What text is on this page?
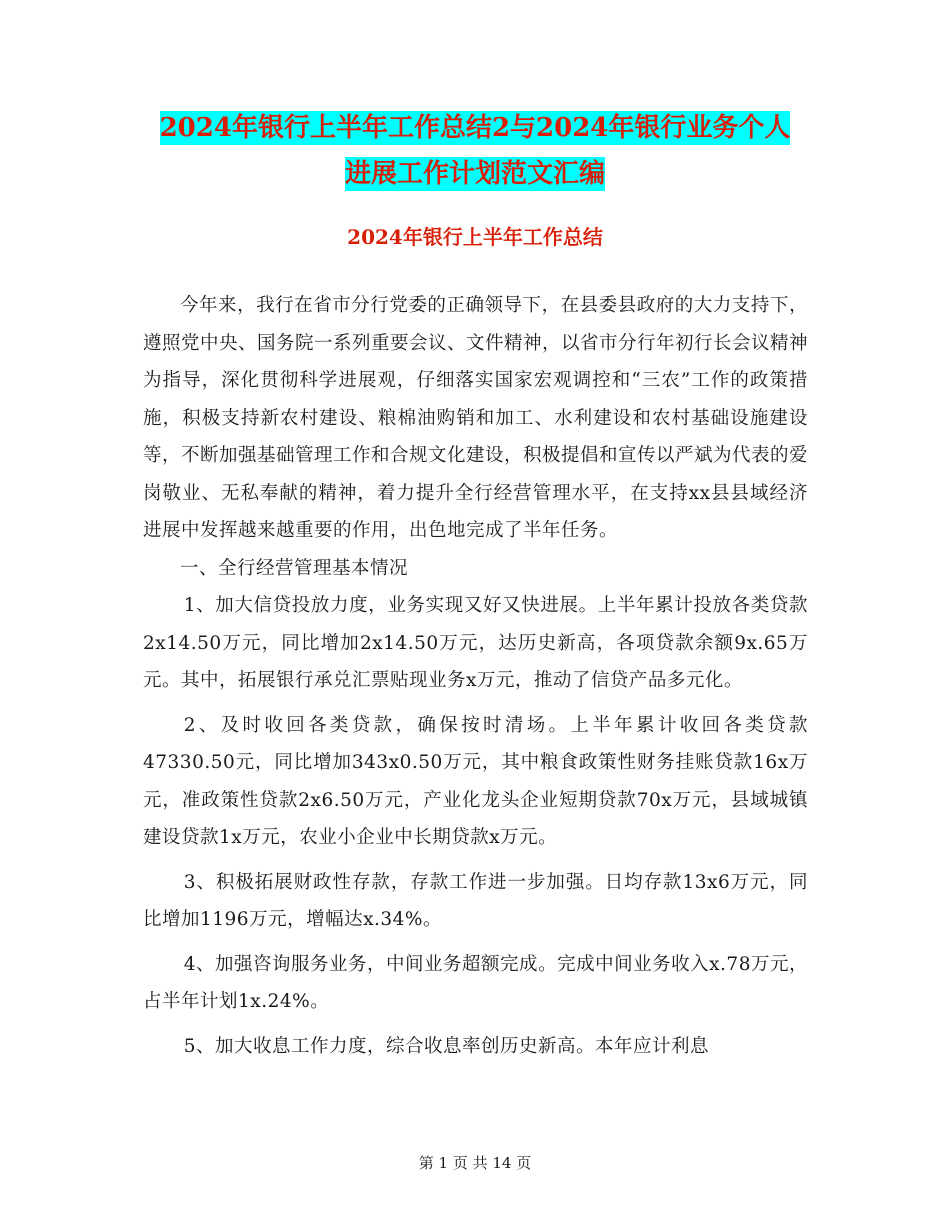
2024年银行上半年工作总结2与2024年银行业务个人
进展工作计划范文汇编
2024年银行上半年工作总结

今年来，我行在省市分行党委的正确领导下，在县委县政府的大力支持下，遵照党中央、国务院一系列重要会议、文件精神，以省市分行年初行长会议精神为指导，深化贯彻科学进展观，仔细落实国家宏观调控和“三农”工作的政策措施，积极支持新农村建设、粮棉油购销和加工、水利建设和农村基础设施建设等，不断加强基础管理工作和合规文化建设，积极提倡和宣传以严斌为代表的爱岗敬业、无私奉献的精神，着力提升全行经营管理水平，在支持xx县县域经济进展中发挥越来越重要的作用，出色地完成了半年任务。

一、全行经营管理基本情况

1、加大信贷投放力度，业务实现又好又快进展。上半年累计投放各类贷款2x14.50万元，同比增加2x14.50万元，达历史新高，各项贷款余额9x.65万元。其中，拓展银行承兑汇票贴现业务x万元，推动了信贷产品多元化。

2、及时收回各类贷款，确保按时清场。上半年累计收回各类贷款47330.50元，同比增加343x0.50万元，其中粮食政策性财务挂账贷款16x万元，准政策性贷款2x6.50万元，产业化龙头企业短期贷款70x万元，县域城镇建设贷款1x万元，农业小企业中长期贷款x万元。

3、积极拓展财政性存款，存款工作进一步加强。日均存款13x6万元，同比增加1196万元，增幅达x.34%。

4、加强咨询服务业务，中间业务超额完成。完成中间业务收入x.78万元，占半年计划1x.24%。

5、加大收息工作力度，综合收息率创历史新高。本年应计利息

第 1 页 共 14 页
